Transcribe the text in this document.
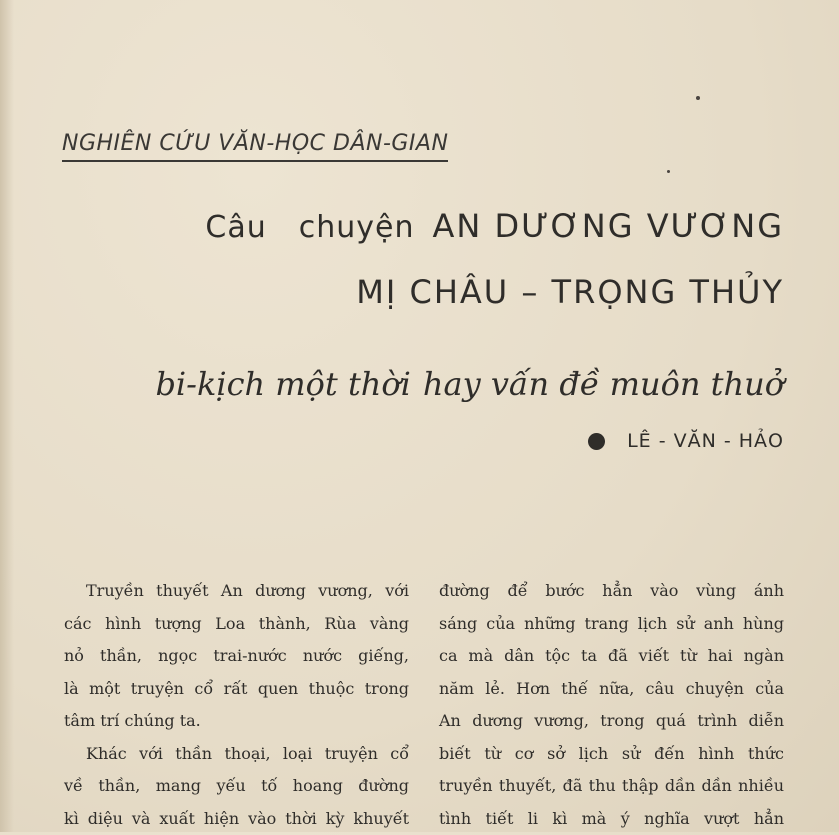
NGHIÊN CỨU VĂN-HỌC DÂN-GIAN
Câu chuyện AN DƯƠNG VƯƠNG
MỊ CHÂU – TRỌNG THỦY
bi-kịch một thời hay vấn đề muôn thuở
LÊ - VĂN - HẢO
Truyền thuyết An dương vương, với
các hình tượng Loa thành, Rùa vàng
nỏ thần, ngọc trai-nước nước giếng,
là một truyện cổ rất quen thuộc trong
tâm trí chúng ta.
Khác với thần thoại, loại truyện cổ
về thần, mang yếu tố hoang đường
kì diệu và xuất hiện vào thời kỳ khuyết
đường để bước hẳn vào vùng ánh
sáng của những trang lịch sử anh hùng
ca mà dân tộc ta đã viết từ hai ngàn
năm lẻ. Hơn thế nữa, câu chuyện của
An dương vương, trong quá trình diễn
biết từ cơ sở lịch sử đến hình thức
truyền thuyết, đã thu thập dần dần nhiều
tình tiết li kì mà ý nghĩa vượt hẳn
